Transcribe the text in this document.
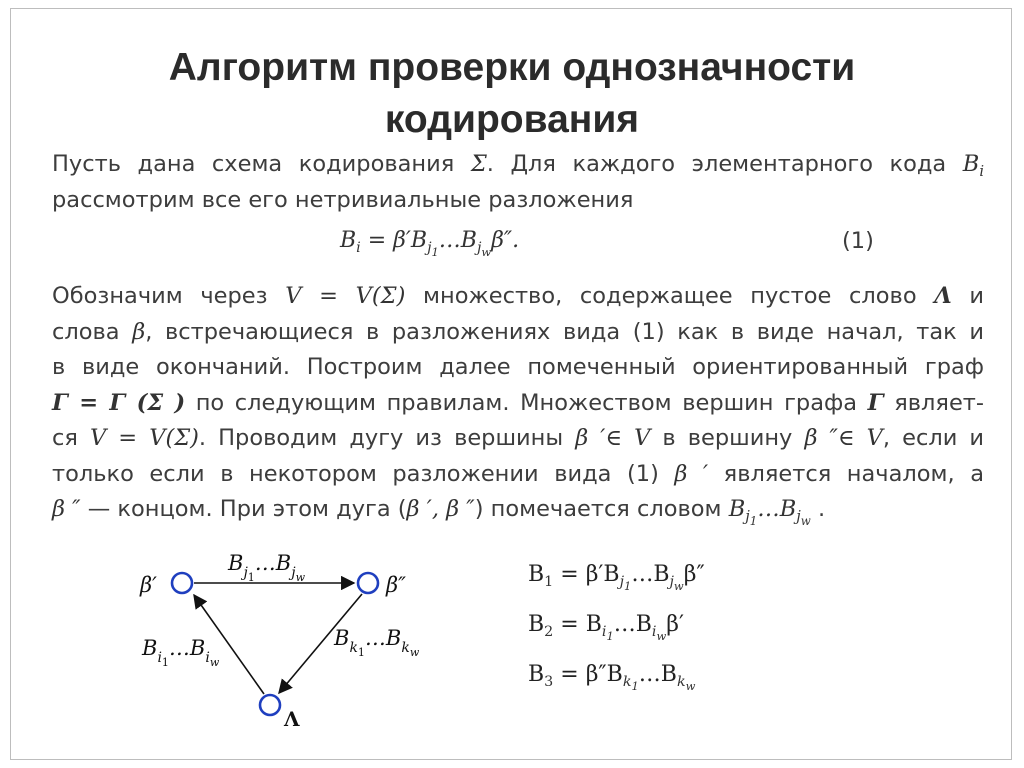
Алгоритм проверки однозначности
кодирования
Пусть дана схема кодирования Σ. Для каждого элементарного кода $B_i$
рассмотрим все его нетривиальные разложения
$B_i$ = $\beta'B_{j_1}\dots B_{j_w}\beta''$.	(1)
Обозначим через V = V(Σ) множество, содержащее пустое слово Λ и
слова β, встречающиеся в разложениях вида (1) как в виде начал, так и
в виде окончаний. Построим далее помеченный ориентированный граф
Γ = Γ (Σ ) по следующим правилам. Множеством вершин графа Γ являет-
ся V = V(Σ). Проводим дугу из вершины β ′∈ V в вершину β ″∈ V, если и
только если в некотором разложении вида (1) β ′ является началом, а
β ″ — концом. При этом дуга (β ′, β ″) помечается словом $B_{j_1}\dots B_{j_w}$ .
β′	β″
Λ
$B_j1\dots B_jw$
$B_i1\dots B_iw$
$B_k1\dots B_kw$
$B_1$ = $\beta'B_{j_1}\dots B_{j_w}\beta''$
$B_2$ = $B_{i_1}\dots B_{i_w}\beta'$
$B_3$ = $\beta''B_{k_1}\dots B_{k_w}$
